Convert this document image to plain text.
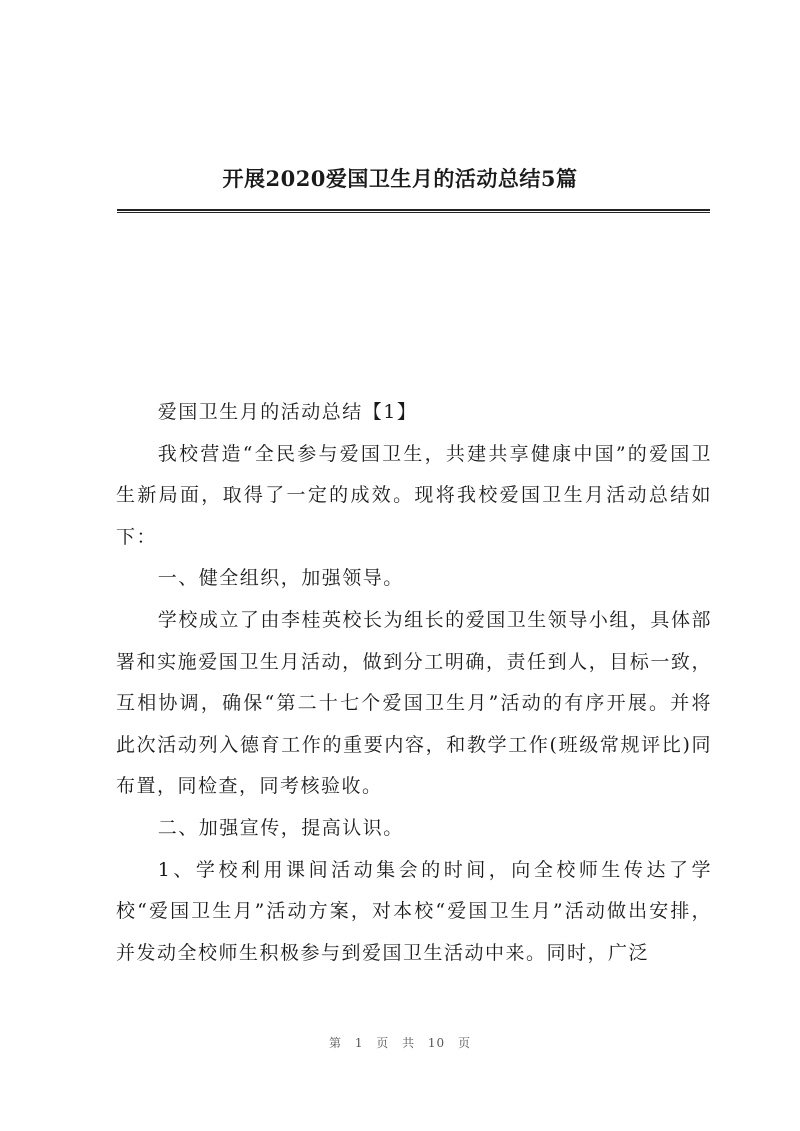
开展2020爱国卫生月的活动总结5篇

爱国卫生月的活动总结【1】

我校营造“全民参与爱国卫生，共建共享健康中国”的爱国卫生新局面，取得了一定的成效。现将我校爱国卫生月活动总结如下：

一、健全组织，加强领导。

学校成立了由李桂英校长为组长的爱国卫生领导小组，具体部署和实施爱国卫生月活动，做到分工明确，责任到人，目标一致，互相协调，确保“第二十七个爱国卫生月”活动的有序开展。并将此次活动列入德育工作的重要内容，和教学工作(班级常规评比)同布置，同检查，同考核验收。

二、加强宣传，提高认识。

1、学校利用课间活动集会的时间，向全校师生传达了学校“爱国卫生月”活动方案，对本校“爱国卫生月”活动做出安排，并发动全校师生积极参与到爱国卫生活动中来。同时，广泛

第 1 页 共 10 页
